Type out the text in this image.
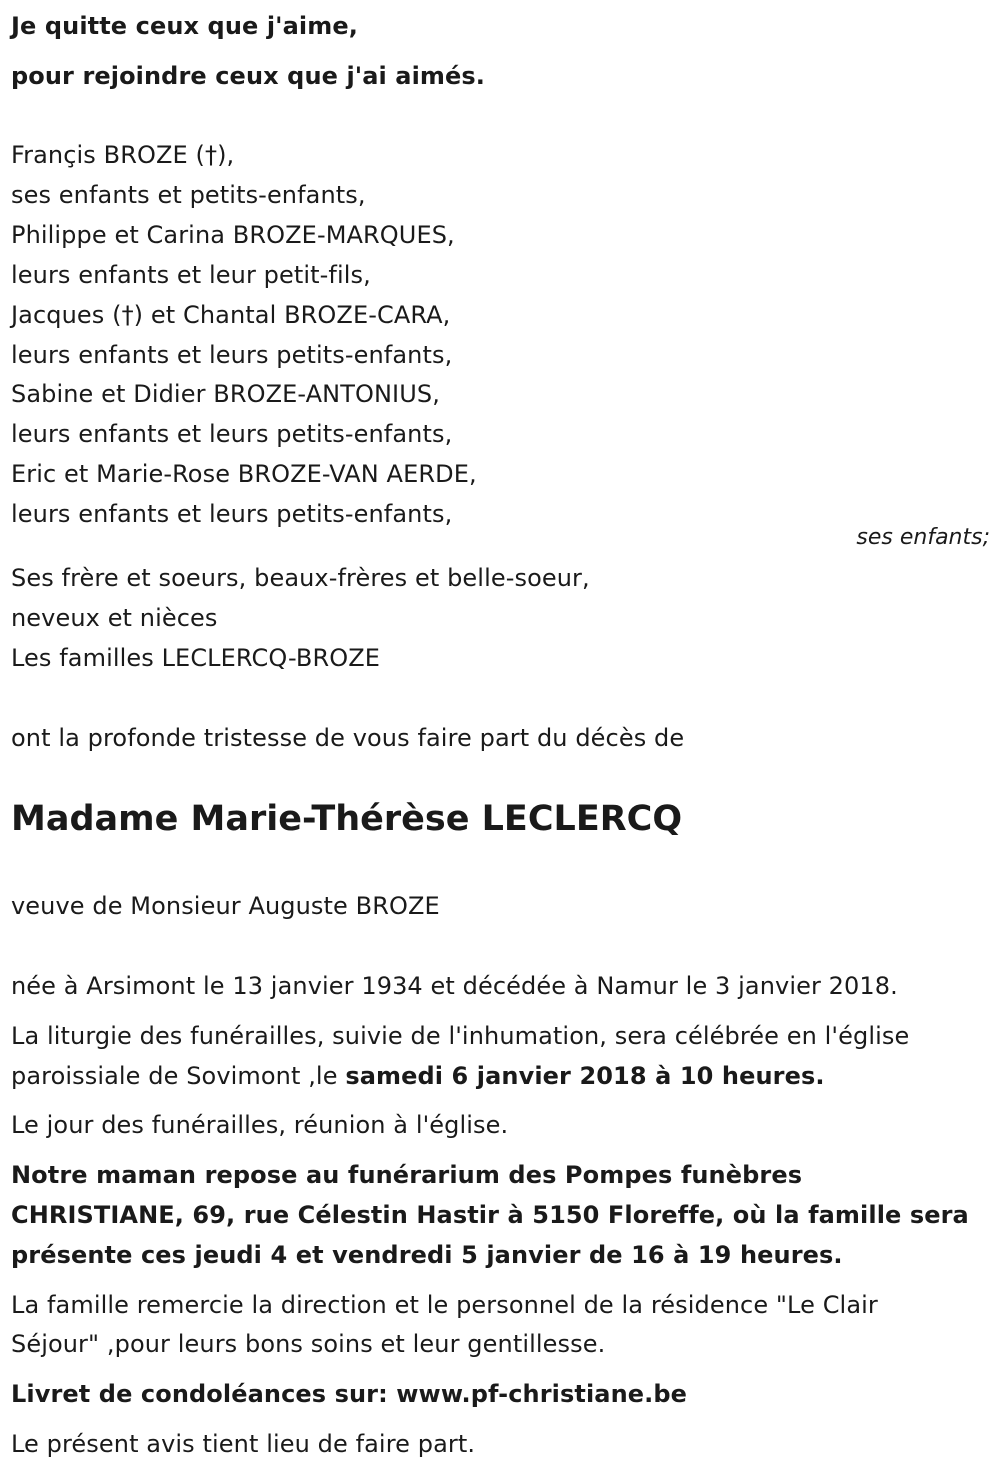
Je quitte ceux que j'aime,
pour rejoindre ceux que j'ai aimés.
Françis BROZE (†),
ses enfants et petits-enfants,
Philippe et Carina BROZE-MARQUES,
leurs enfants et leur petit-fils,
Jacques (†) et Chantal BROZE-CARA,
leurs enfants et leurs petits-enfants,
Sabine et Didier BROZE-ANTONIUS,
leurs enfants et leurs petits-enfants,
Eric et Marie-Rose BROZE-VAN AERDE,
leurs enfants et leurs petits-enfants,
ses enfants;
Ses frère et soeurs, beaux-frères et belle-soeur,
neveux et nièces
Les familles LECLERCQ-BROZE
ont la profonde tristesse de vous faire part du décès de
Madame Marie-Thérèse LECLERCQ
veuve de Monsieur Auguste BROZE
née à Arsimont le 13 janvier 1934 et décédée à Namur le 3 janvier 2018.
La liturgie des funérailles, suivie de l'inhumation, sera célébrée en l'église
paroissiale de Sovimont ,le samedi 6 janvier 2018 à 10 heures.
Le jour des funérailles, réunion à l'église.
Notre maman repose au funérarium des Pompes funèbres
CHRISTIANE, 69, rue Célestin Hastir à 5150 Floreffe, où la famille sera
présente ces jeudi 4 et vendredi 5 janvier de 16 à 19 heures.
La famille remercie la direction et le personnel de la résidence "Le Clair
Séjour" ,pour leurs bons soins et leur gentillesse.
Livret de condoléances sur: www.pf-christiane.be
Le présent avis tient lieu de faire part.
